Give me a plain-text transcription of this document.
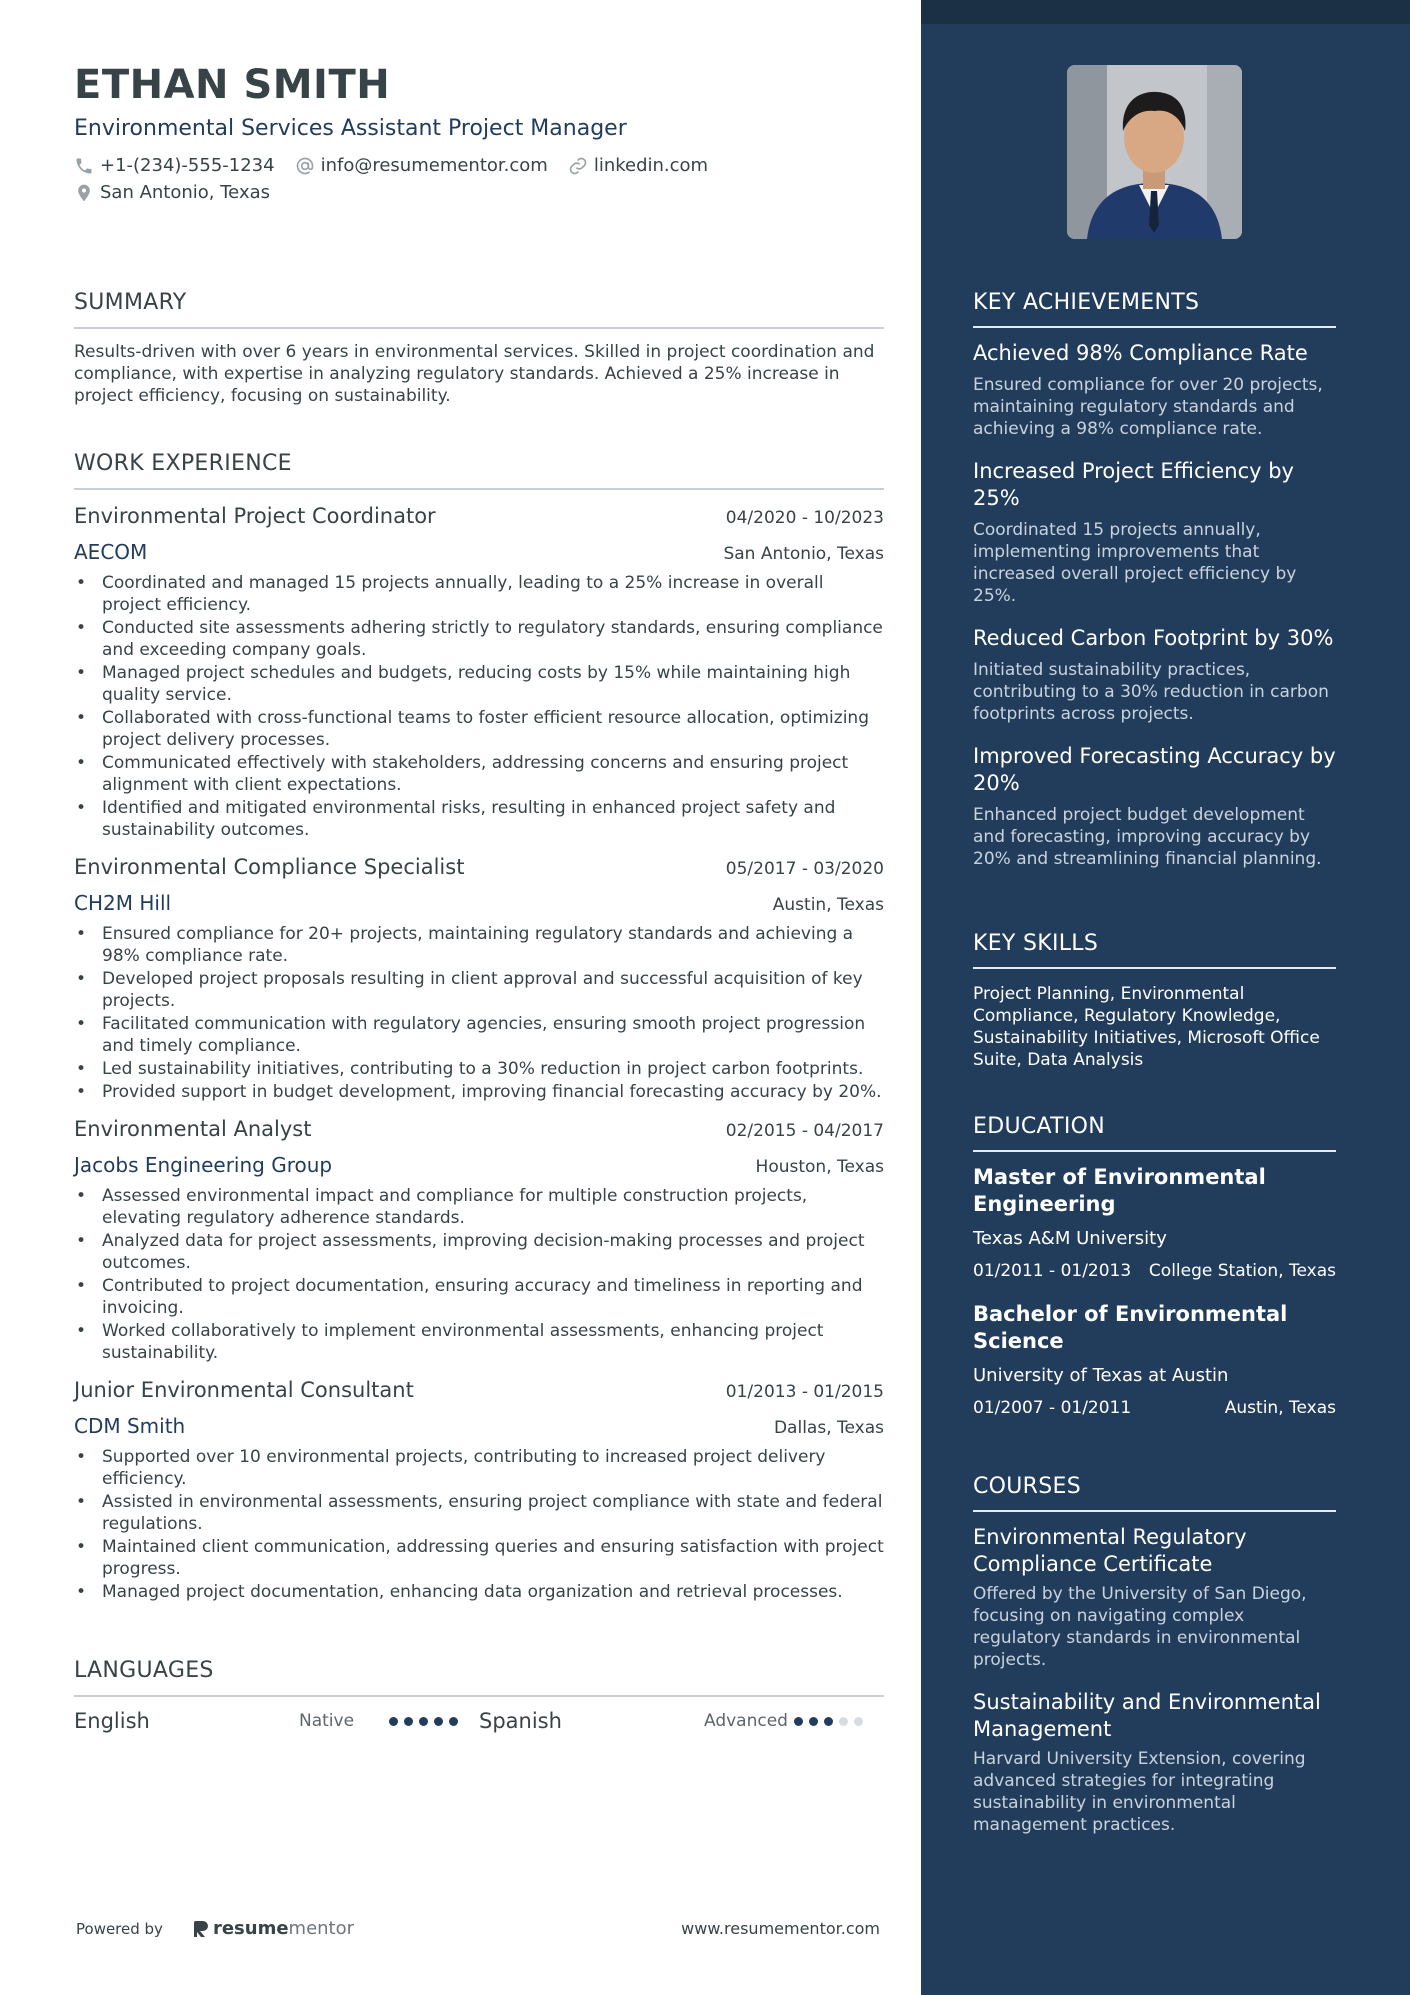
ETHAN SMITH
Environmental Services Assistant Project Manager
+1-(234)-555-1234	info@resumementor.com	linkedin.com
San Antonio, Texas
SUMMARY
Results-driven with over 6 years in environmental services. Skilled in project coordination and compliance, with expertise in analyzing regulatory standards. Achieved a 25% increase in project efficiency, focusing on sustainability.
WORK EXPERIENCE
Environmental Project Coordinator	04/2020 - 10/2023
AECOM	San Antonio, Texas
• Coordinated and managed 15 projects annually, leading to a 25% increase in overall project efficiency.
• Conducted site assessments adhering strictly to regulatory standards, ensuring compliance and exceeding company goals.
• Managed project schedules and budgets, reducing costs by 15% while maintaining high quality service.
• Collaborated with cross-functional teams to foster efficient resource allocation, optimizing project delivery processes.
• Communicated effectively with stakeholders, addressing concerns and ensuring project alignment with client expectations.
• Identified and mitigated environmental risks, resulting in enhanced project safety and sustainability outcomes.
Environmental Compliance Specialist	05/2017 - 03/2020
CH2M Hill	Austin, Texas
• Ensured compliance for 20+ projects, maintaining regulatory standards and achieving a 98% compliance rate.
• Developed project proposals resulting in client approval and successful acquisition of key projects.
• Facilitated communication with regulatory agencies, ensuring smooth project progression and timely compliance.
• Led sustainability initiatives, contributing to a 30% reduction in project carbon footprints.
• Provided support in budget development, improving financial forecasting accuracy by 20%.
Environmental Analyst	02/2015 - 04/2017
Jacobs Engineering Group	Houston, Texas
• Assessed environmental impact and compliance for multiple construction projects, elevating regulatory adherence standards.
• Analyzed data for project assessments, improving decision-making processes and project outcomes.
• Contributed to project documentation, ensuring accuracy and timeliness in reporting and invoicing.
• Worked collaboratively to implement environmental assessments, enhancing project sustainability.
Junior Environmental Consultant	01/2013 - 01/2015
CDM Smith	Dallas, Texas
• Supported over 10 environmental projects, contributing to increased project delivery efficiency.
• Assisted in environmental assessments, ensuring project compliance with state and federal regulations.
• Maintained client communication, addressing queries and ensuring satisfaction with project progress.
• Managed project documentation, enhancing data organization and retrieval processes.
LANGUAGES
English	Native	Spanish	Advanced
Powered by	resume mentor	www.resumementor.com
KEY ACHIEVEMENTS
Achieved 98% Compliance Rate
Ensured compliance for over 20 projects, maintaining regulatory standards and achieving a 98% compliance rate.
Increased Project Efficiency by 25%
Coordinated 15 projects annually, implementing improvements that increased overall project efficiency by 25%.
Reduced Carbon Footprint by 30%
Initiated sustainability practices, contributing to a 30% reduction in carbon footprints across projects.
Improved Forecasting Accuracy by 20%
Enhanced project budget development and forecasting, improving accuracy by 20% and streamlining financial planning.
KEY SKILLS
Project Planning, Environmental Compliance, Regulatory Knowledge, Sustainability Initiatives, Microsoft Office Suite, Data Analysis
EDUCATION
Master of Environmental Engineering
Texas A&M University
01/2011 - 01/2013 College Station, Texas
Bachelor of Environmental Science
University of Texas at Austin
01/2007 - 01/2011	Austin, Texas
COURSES
Environmental Regulatory Compliance Certificate
Offered by the University of San Diego, focusing on navigating complex regulatory standards in environmental projects.
Sustainability and Environmental Management
Harvard University Extension, covering advanced strategies for integrating sustainability in environmental management practices.
